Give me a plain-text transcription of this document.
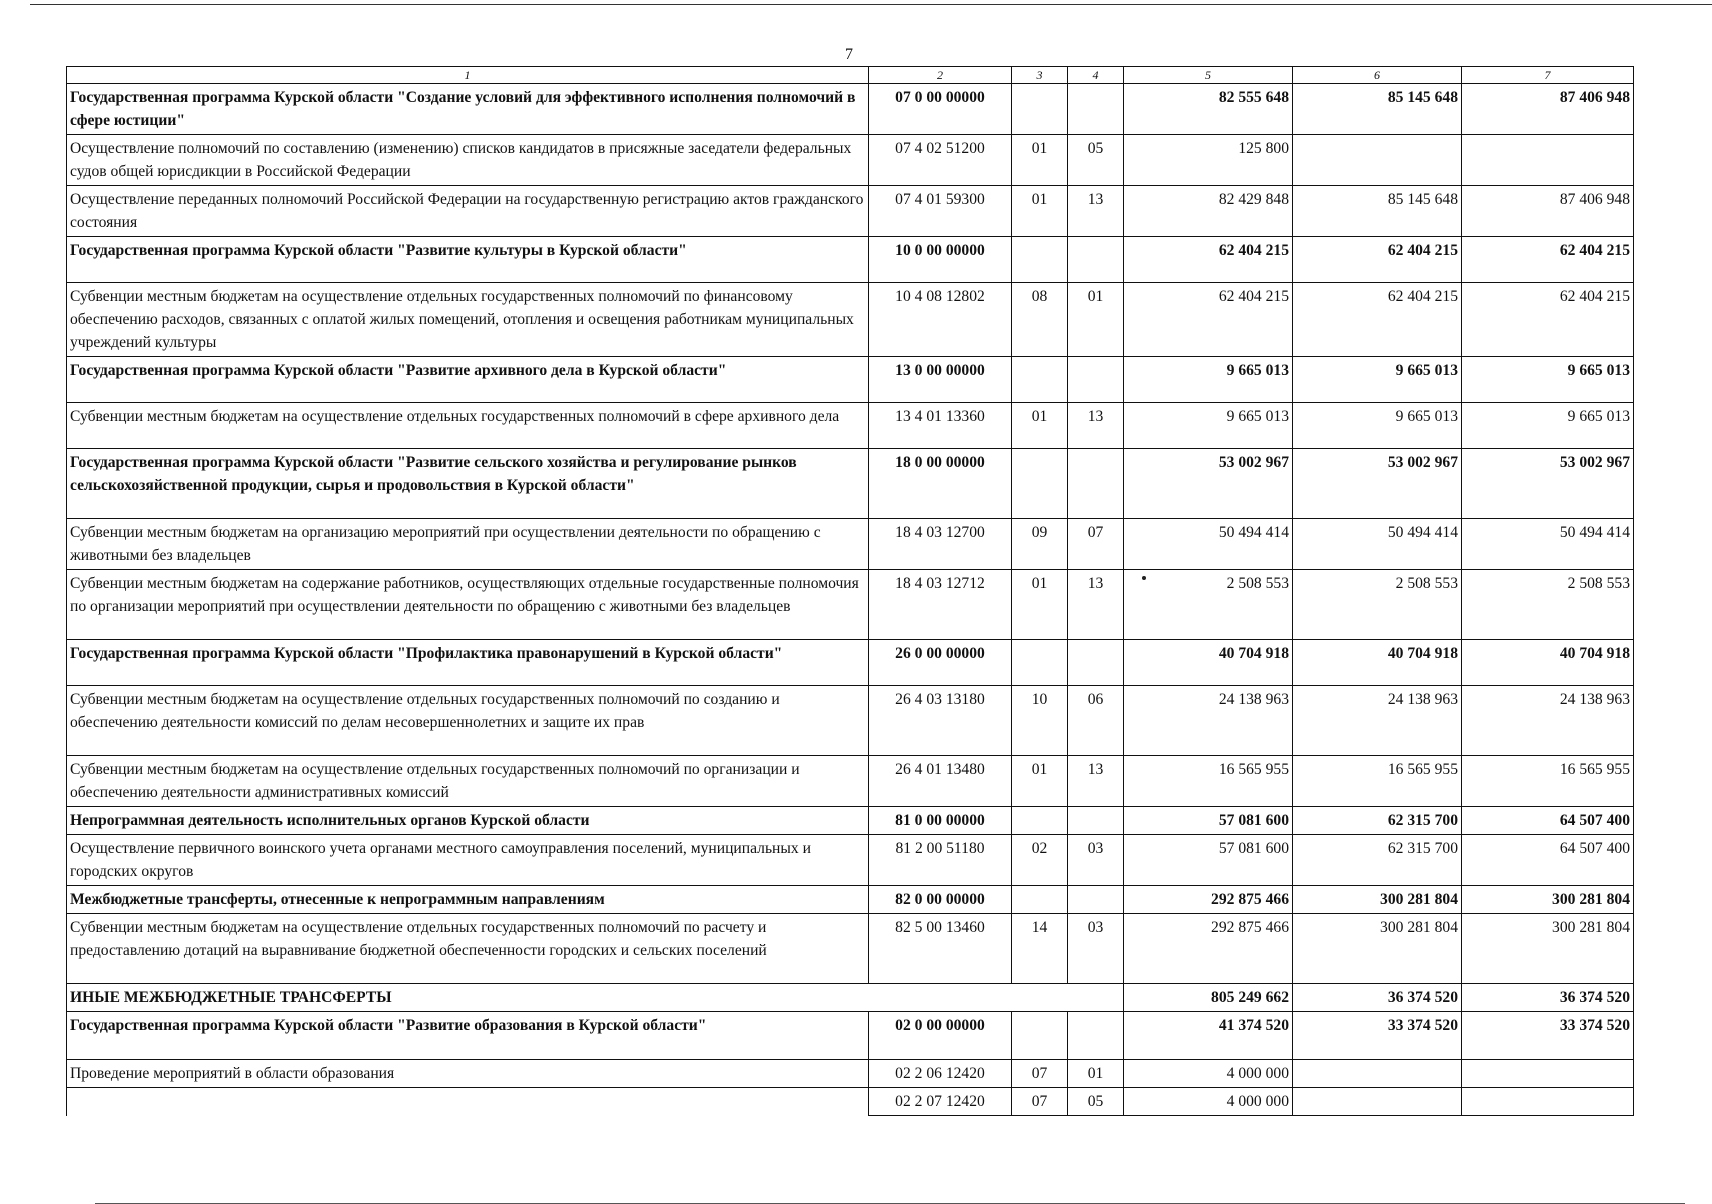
7
1	2	3	4	5	6	7
Государственная программа Курской области "Создание условий для эффективного исполнения полномочий в сфере юстиции"	07 0 00 00000			82 555 648	85 145 648	87 406 948
Осуществление полномочий по составлению (изменению) списков кандидатов в присяжные заседатели федеральных судов общей юрисдикции в Российской Федерации	07 4 02 51200	01	05	125 800		
Осуществление переданных полномочий Российской Федерации на государственную регистрацию актов гражданского состояния	07 4 01 59300	01	13	82 429 848	85 145 648	87 406 948
Государственная программа Курской области "Развитие культуры в Курской области"	10 0 00 00000			62 404 215	62 404 215	62 404 215
Субвенции местным бюджетам на осуществление отдельных государственных полномочий по финансовому обеспечению расходов, связанных с оплатой жилых помещений, отопления и освещения работникам муниципальных учреждений культуры	10 4 08 12802	08	01	62 404 215	62 404 215	62 404 215
Государственная программа Курской области "Развитие архивного дела в Курской области"	13 0 00 00000			9 665 013	9 665 013	9 665 013
Субвенции местным бюджетам на осуществление отдельных государственных полномочий в сфере архивного дела	13 4 01 13360	01	13	9 665 013	9 665 013	9 665 013
Государственная программа Курской области "Развитие сельского хозяйства и регулирование рынков сельскохозяйственной продукции, сырья и продовольствия в Курской области"	18 0 00 00000			53 002 967	53 002 967	53 002 967
Субвенции местным бюджетам на организацию мероприятий при осуществлении деятельности по обращению с животными без владельцев	18 4 03 12700	09	07	50 494 414	50 494 414	50 494 414
Субвенции местным бюджетам на содержание работников, осуществляющих отдельные государственные полномочия по организации мероприятий при осуществлении деятельности по обращению с животными без владельцев	18 4 03 12712	01	13	2 508 553	2 508 553	2 508 553
Государственная программа Курской области "Профилактика правонарушений в Курской области"	26 0 00 00000			40 704 918	40 704 918	40 704 918
Субвенции местным бюджетам на осуществление отдельных государственных полномочий по созданию и обеспечению деятельности комиссий по делам несовершеннолетних и защите их прав	26 4 03 13180	10	06	24 138 963	24 138 963	24 138 963
Субвенции местным бюджетам на осуществление отдельных государственных полномочий по организации и обеспечению деятельности административных комиссий	26 4 01 13480	01	13	16 565 955	16 565 955	16 565 955
Непрограммная деятельность исполнительных органов Курской области	81 0 00 00000			57 081 600	62 315 700	64 507 400
Осуществление первичного воинского учета органами местного самоуправления поселений, муниципальных и городских округов	81 2 00 51180	02	03	57 081 600	62 315 700	64 507 400
Межбюджетные трансферты, отнесенные к непрограммным направлениям	82 0 00 00000			292 875 466	300 281 804	300 281 804
Субвенции местным бюджетам на осуществление отдельных государственных полномочий по расчету и предоставлению дотаций на выравнивание бюджетной обеспеченности городских и сельских поселений	82 5 00 13460	14	03	292 875 466	300 281 804	300 281 804
ИНЫЕ МЕЖБЮДЖЕТНЫЕ ТРАНСФЕРТЫ				805 249 662	36 374 520	36 374 520
Государственная программа Курской области "Развитие образования в Курской области"	02 0 00 00000			41 374 520	33 374 520	33 374 520
Проведение мероприятий в области образования	02 2 06 12420	07	01	4 000 000		
	02 2 07 12420	07	05	4 000 000		
